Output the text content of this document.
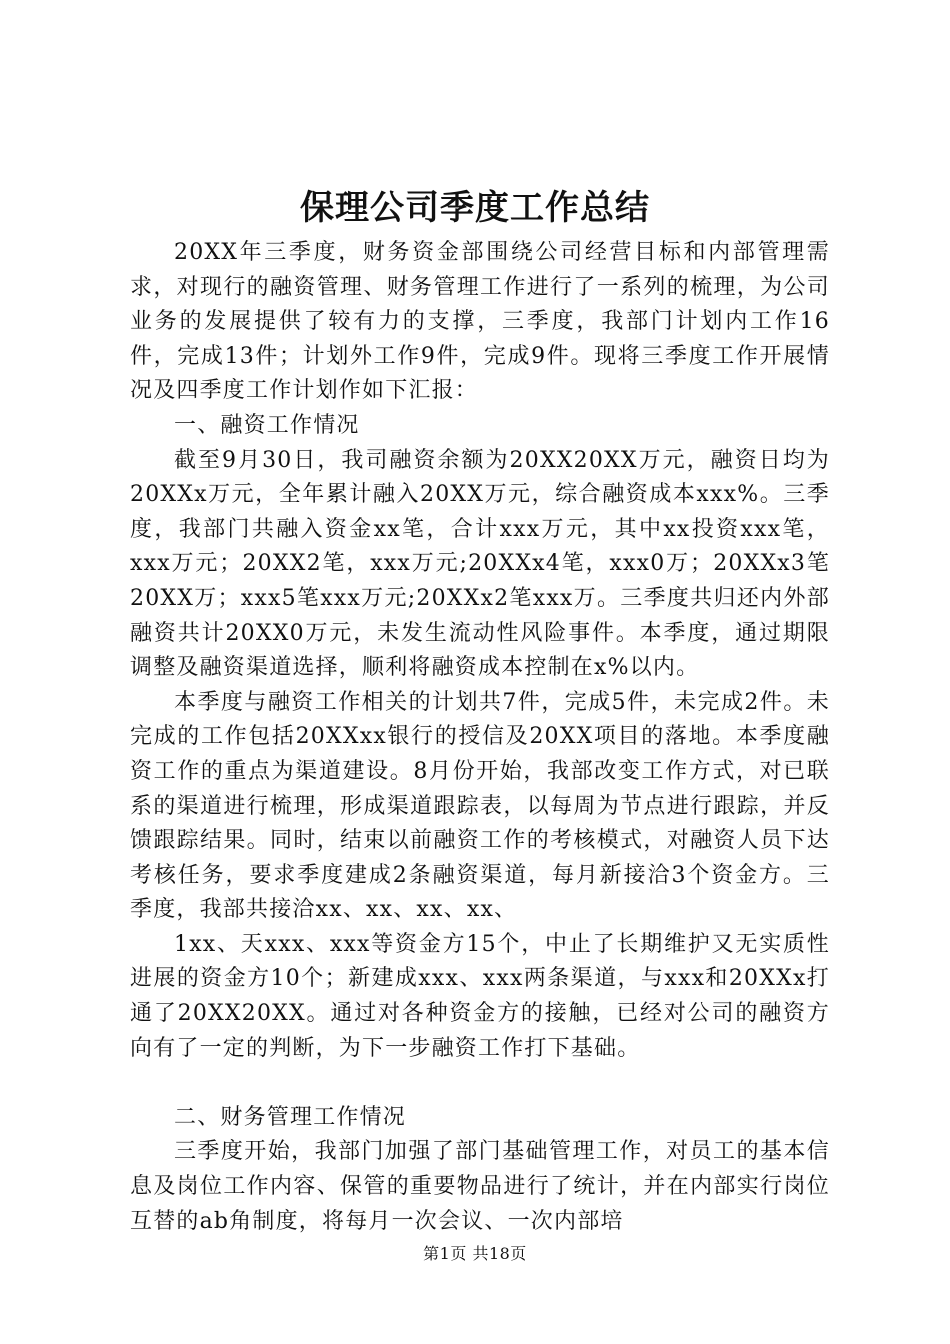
保理公司季度工作总结

20XX年三季度，财务资金部围绕公司经营目标和内部管理需求，对现行的融资管理、财务管理工作进行了一系列的梳理，为公司业务的发展提供了较有力的支撑，三季度，我部门计划内工作16件，完成13件；计划外工作9件，完成9件。现将三季度工作开展情况及四季度工作计划作如下汇报：

一、融资工作情况

截至9月30日，我司融资余额为20XX20XX万元，融资日均为20XXx万元，全年累计融入20XX万元，综合融资成本xxx%。三季度，我部门共融入资金xx笔，合计xxx万元，其中xx投资xxx笔，xxx万元；20XX2笔，xxx万元;20XXx4笔，xxx0万；20XXx3笔20XX万；xxx5笔xxx万元;20XXx2笔xxx万。三季度共归还内外部融资共计20XX0万元，未发生流动性风险事件。本季度，通过期限调整及融资渠道选择，顺利将融资成本控制在x%以内。

本季度与融资工作相关的计划共7件，完成5件，未完成2件。未完成的工作包括20XXxx银行的授信及20XX项目的落地。本季度融资工作的重点为渠道建设。8月份开始，我部改变工作方式，对已联系的渠道进行梳理，形成渠道跟踪表，以每周为节点进行跟踪，并反馈跟踪结果。同时，结束以前融资工作的考核模式，对融资人员下达考核任务，要求季度建成2条融资渠道，每月新接洽3个资金方。三季度，我部共接洽xx、xx、xx、xx、

1xx、天xxx、xxx等资金方15个，中止了长期维护又无实质性进展的资金方10个；新建成xxx、xxx两条渠道，与xxx和20XXx打通了20XX20XX。通过对各种资金方的接触，已经对公司的融资方向有了一定的判断，为下一步融资工作打下基础。

二、财务管理工作情况

三季度开始，我部门加强了部门基础管理工作，对员工的基本信息及岗位工作内容、保管的重要物品进行了统计，并在内部实行岗位互替的ab角制度，将每月一次会议、一次内部培

第1页 共18页
